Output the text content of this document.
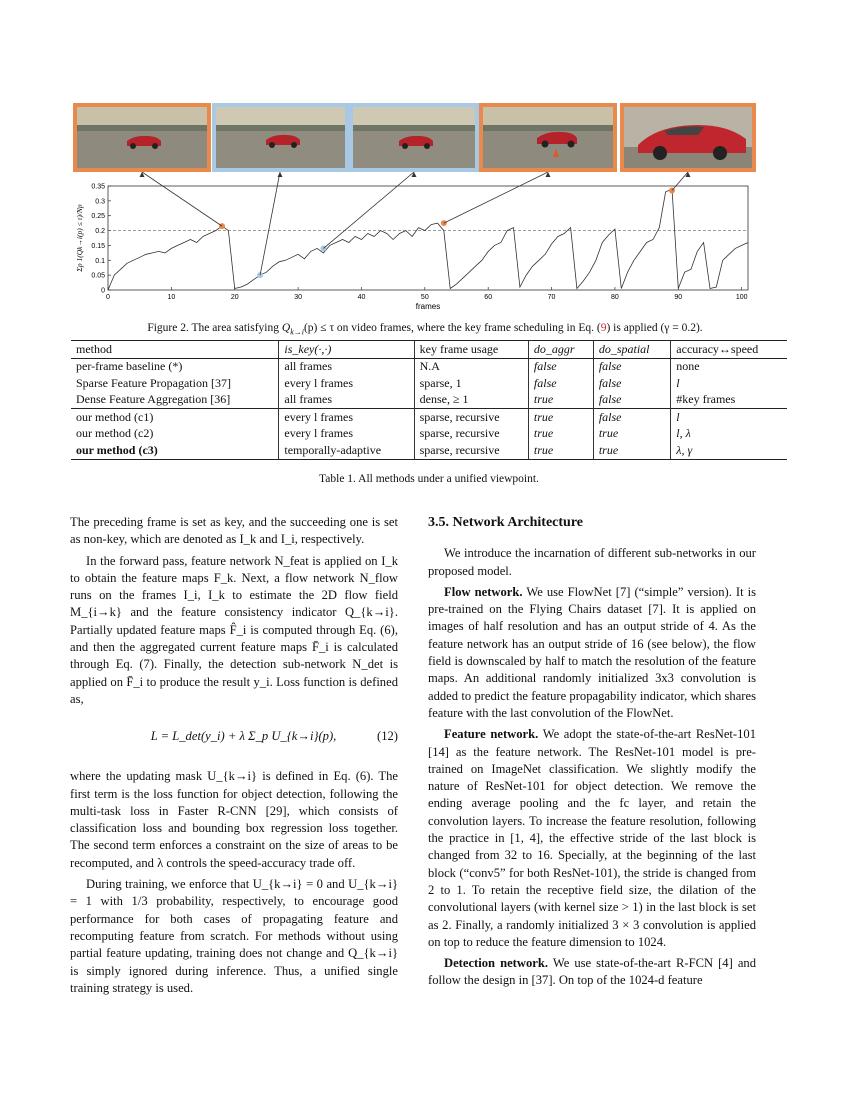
0	10	20	30	40	50	60	70	80	90	100
0
0.05
0.1
0.15
0.2
0.25
0.3
0.35
frames
Σp 1(Qk→i(p) ≤ τ)/Np
Figure 2. The area satisfying $Q_{k\to i}(p) \le \tau$ on video frames, where the key frame scheduling in Eq. (9) is applied (γ = 0.2).
method	is_key(·,·)	key frame usage	do_aggr	do_spatial	accuracy↔speed
per-frame baseline (*)	all frames	N.A	false	false	none
Sparse Feature Propagation [37]	every l frames	sparse, 1	false	false	l
Dense Feature Aggregation [36]	all frames	dense, ≥ 1	true	false	#key frames
our method (c1)	every l frames	sparse, recursive	true	false	l
our method (c2)	every l frames	sparse, recursive	true	true	l, λ
our method (c3)	temporally-adaptive	sparse, recursive	true	true	λ, γ
Table 1. All methods under a unified viewpoint.

The preceding frame is set as key, and the succeeding one is set as non-key, which are denoted as I_k and I_i, respectively.

In the forward pass, feature network N_feat is applied on I_k to obtain the feature maps F_k. Next, a flow network N_flow runs on the frames I_i, I_k to estimate the 2D flow field M_{i→k} and the feature consistency indicator Q_{k→i}. Partially updated feature maps F̂_i is computed through Eq. (6), and then the aggregated current feature maps F̄_i is calculated through Eq. (7). Finally, the detection sub-network N_det is applied on F̄_i to produce the result y_i. Loss function is defined as,

L = L_det(y_i) + λ Σ_p U_{k→i}(p),	(12)

where the updating mask U_{k→i} is defined in Eq. (6). The first term is the loss function for object detection, following the multi-task loss in Faster R-CNN [29], which consists of classification loss and bounding box regression loss together. The second term enforces a constraint on the size of areas to be recomputed, and λ controls the speed-accuracy trade off.

During training, we enforce that U_{k→i} = 0 and U_{k→i} = 1 with 1/3 probability, respectively, to encourage good performance for both cases of propagating feature and recomputing feature from scratch. For methods without using partial feature updating, training does not change and Q_{k→i} is simply ignored during inference. Thus, a unified single training strategy is used.

3.5. Network Architecture

We introduce the incarnation of different sub-networks in our proposed model.

Flow network. We use FlowNet [7] (“simple” version). It is pre-trained on the Flying Chairs dataset [7]. It is applied on images of half resolution and has an output stride of 4. As the feature network has an output stride of 16 (see below), the flow field is downscaled by half to match the resolution of the feature maps. An additional randomly initialized 3x3 convolution is added to predict the feature propagability indicator, which shares feature with the last convolution of the FlowNet.

Feature network. We adopt the state-of-the-art ResNet-101 [14] as the feature network. The ResNet-101 model is pre-trained on ImageNet classification. We slightly modify the nature of ResNet-101 for object detection. We remove the ending average pooling and the fc layer, and retain the convolution layers. To increase the feature resolution, following the practice in [1, 4], the effective stride of the last block is changed from 32 to 16. Specially, at the beginning of the last block (“conv5” for both ResNet-101), the stride is changed from 2 to 1. To retain the receptive field size, the dilation of the convolutional layers (with kernel size > 1) in the last block is set as 2. Finally, a randomly initialized 3 × 3 convolution is applied on top to reduce the feature dimension to 1024.

Detection network. We use state-of-the-art R-FCN [4] and follow the design in [37]. On top of the 1024-d feature
